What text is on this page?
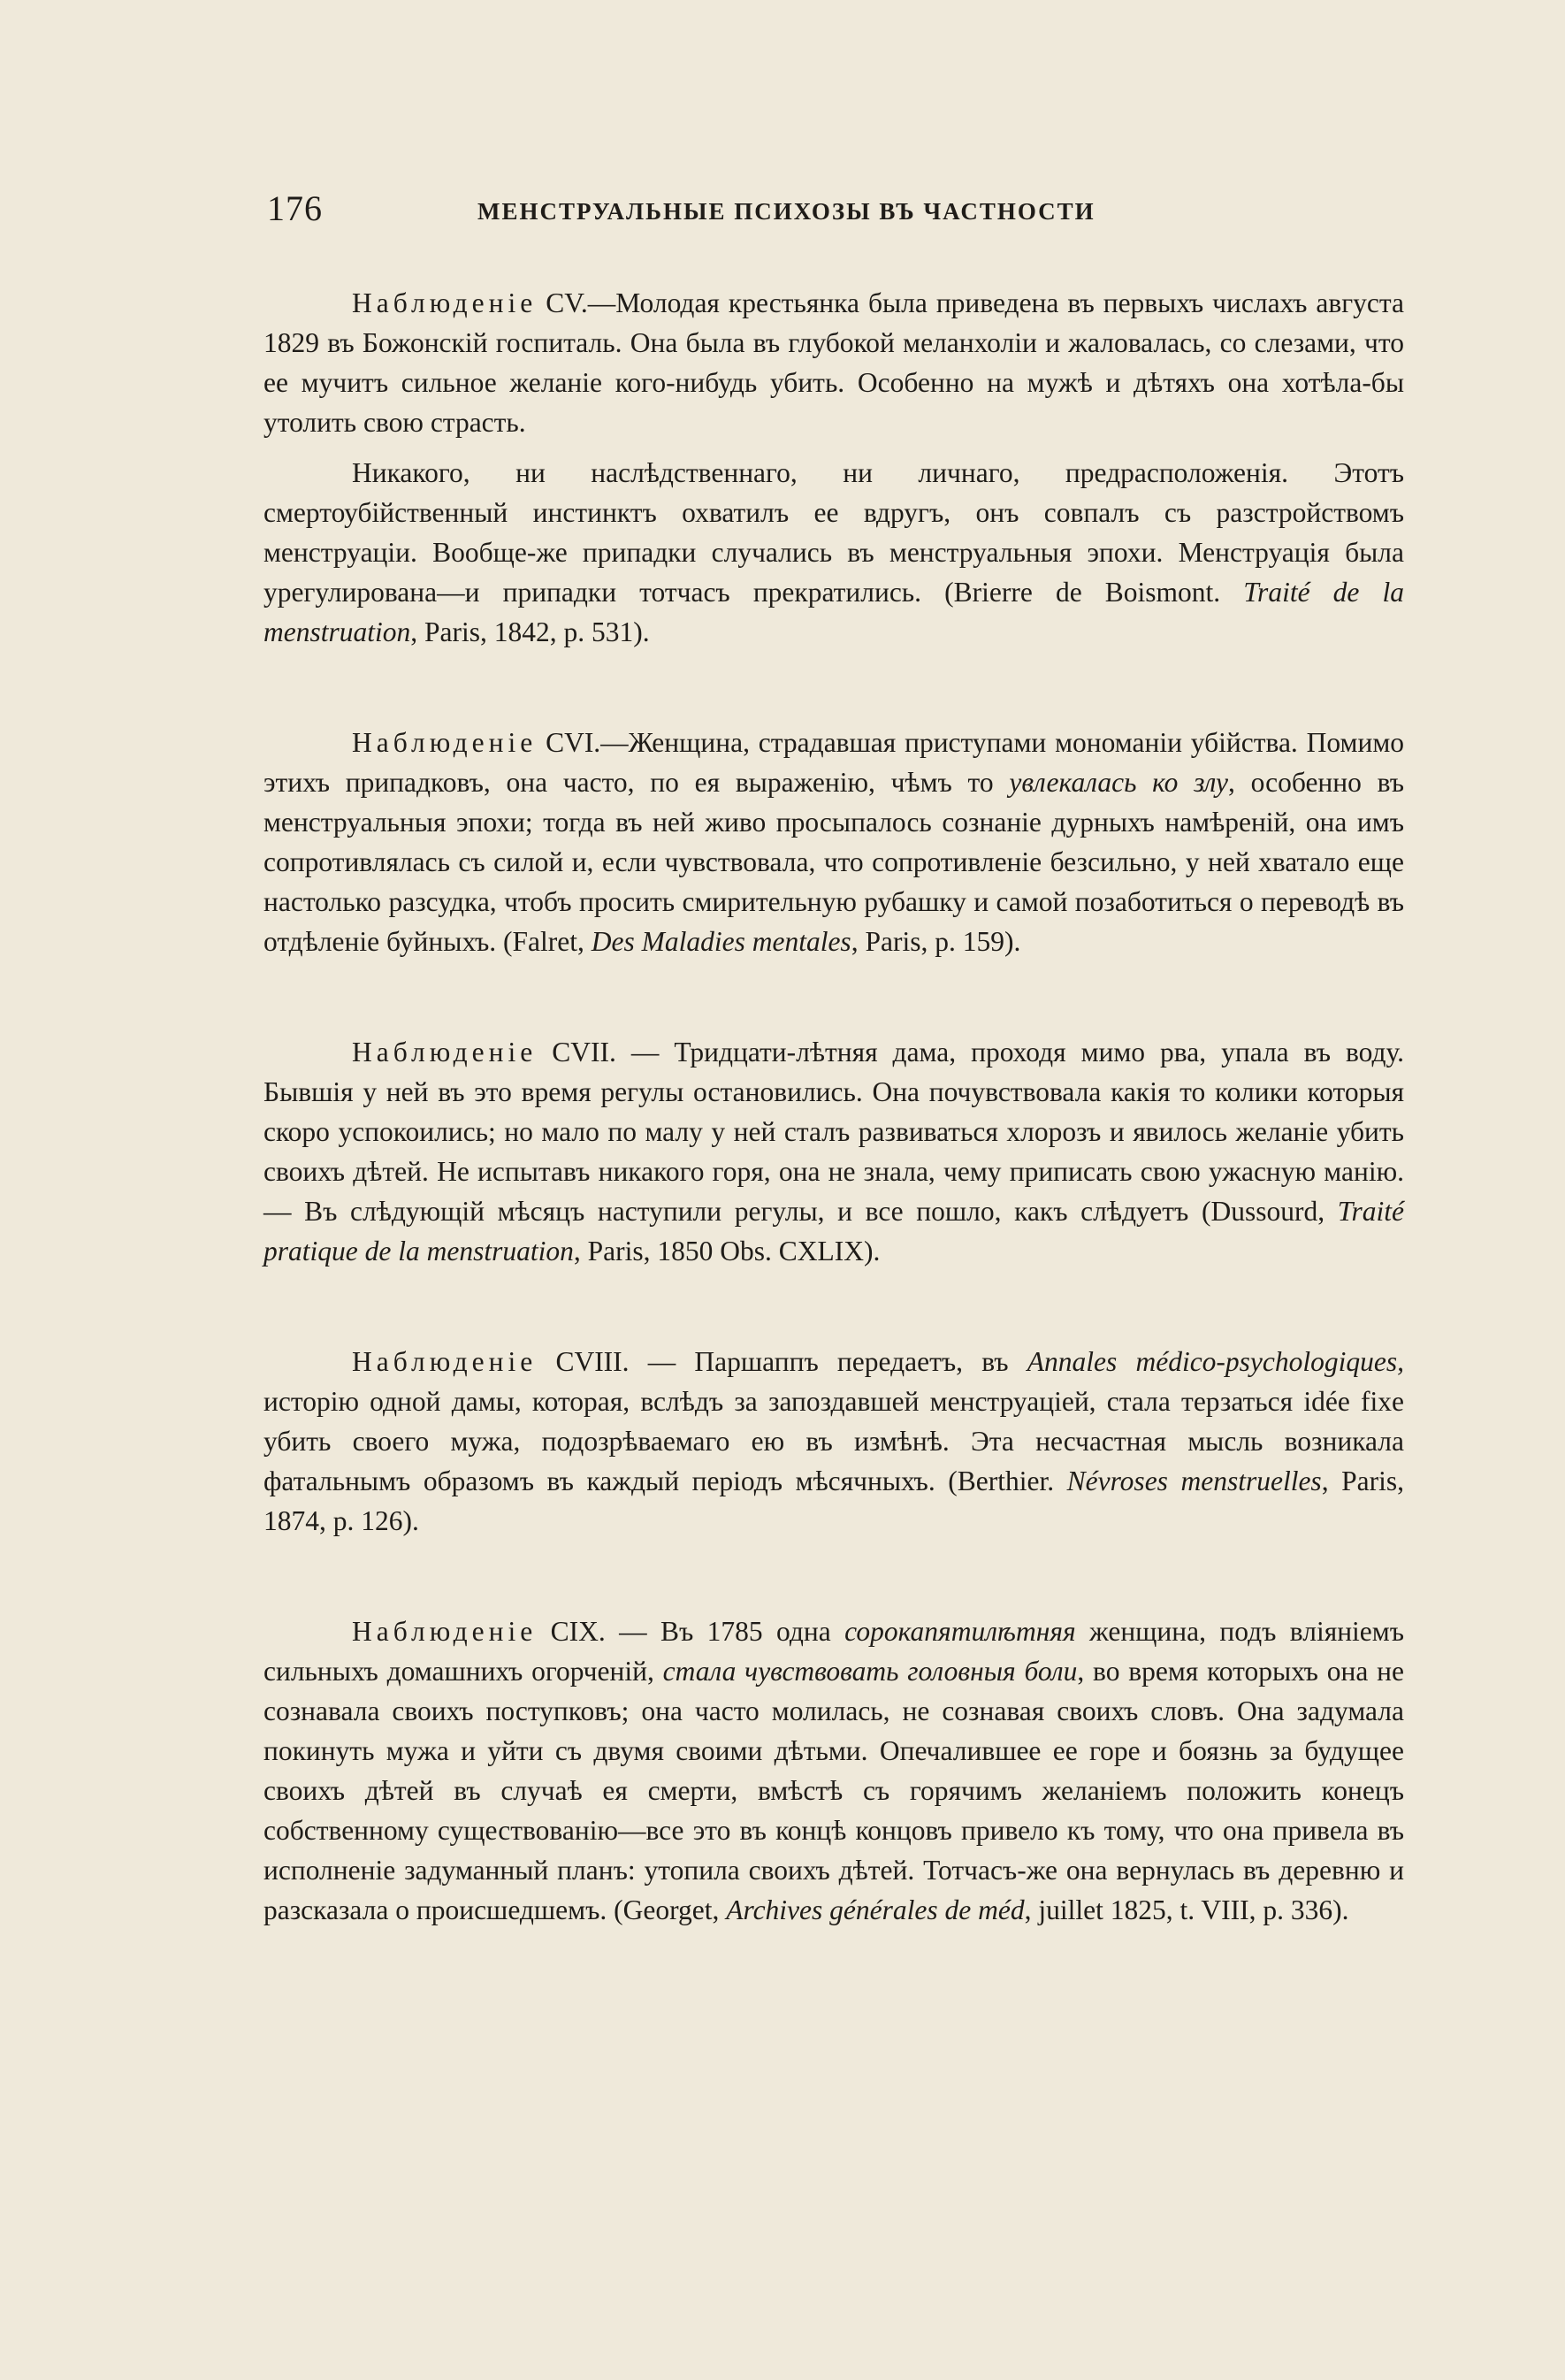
176	МЕНСТРУАЛЬНЫЕ ПСИХОЗЫ ВЪ ЧАСТНОСТИ

Наблюденіе CV.—Молодая крестьянка была приведена въ первыхъ числахъ августа 1829 въ Божонскій госпиталь. Она была въ глубокой меланхоліи и жаловалась, со слезами, что ее мучитъ сильное желаніе кого-нибудь убить. Особенно на мужѣ и дѣтяхъ она хотѣла-бы утолить свою страсть.

Никакого, ни наслѣдственнаго, ни личнаго, предрасположенія. Этотъ смертоубійственный инстинктъ охватилъ ее вдругъ, онъ совпалъ съ разстройствомъ менструаціи. Вообще-же припадки случались въ менструальныя эпохи. Менструація была урегулирована—и припадки тотчасъ прекратились. (Brierre de Boismont. Traité de la menstruation, Paris, 1842, p. 531).

Наблюденіе CVI.—Женщина, страдавшая приступами мономаніи убійства. Помимо этихъ припадковъ, она часто, по ея выраженію, чѣмъ то увлекалась ко злу, особенно въ менструальныя эпохи; тогда въ ней живо просыпалось сознаніе дурныхъ намѣреній, она имъ сопротивлялась съ силой и, если чувствовала, что сопротивленіе безсильно, у ней хватало еще настолько разсудка, чтобъ просить смирительную рубашку и самой позаботиться о переводѣ въ отдѣленіе буйныхъ. (Falret, Des Maladies mentales, Paris, p. 159).

Наблюденіе CVII. — Тридцати-лѣтняя дама, проходя мимо рва, упала въ воду. Бывшія у ней въ это время регулы остановились. Она почувствовала какія то колики которыя скоро успокоились; но мало по малу у ней сталъ развиваться хлорозъ и явилось желаніе убить своихъ дѣтей. Не испытавъ никакого горя, она не знала, чему приписать свою ужасную манію.— Въ слѣдующій мѣсяцъ наступили регулы, и все пошло, какъ слѣдуетъ (Dussourd, Traité pratique de la menstruation, Paris, 1850 Obs. CXLIX).

Наблюденіе CVIII. — Паршаппъ передаетъ, въ Annales médico-psychologiques, исторію одной дамы, которая, вслѣдъ за запоздавшей менструаціей, стала терзаться idée fixe убить своего мужа, подозрѣваемаго ею въ измѣнѣ. Эта несчастная мысль возникала фатальнымъ образомъ въ каждый періодъ мѣсячныхъ. (Berthier. Névroses menstruelles, Paris, 1874, p. 126).

Наблюденіе CIX. — Въ 1785 одна сорокапятилѣтняя женщина, подъ вліяніемъ сильныхъ домашнихъ огорченій, стала чувствовать головныя боли, во время которыхъ она не сознавала своихъ поступковъ; она часто молилась, не сознавая своихъ словъ. Она задумала покинуть мужа и уйти съ двумя своими дѣтьми. Опечалившее ее горе и боязнь за будущее своихъ дѣтей въ случаѣ ея смерти, вмѣстѣ съ горячимъ желаніемъ положить конецъ собственному существованію—все это въ концѣ концовъ привело къ тому, что она привела въ исполненіе задуманный планъ: утопила своихъ дѣтей. Тотчасъ-же она вернулась въ деревню и разсказала о происшедшемъ. (Georget, Archives générales de méd, juillet 1825, t. VIII, p. 336).
